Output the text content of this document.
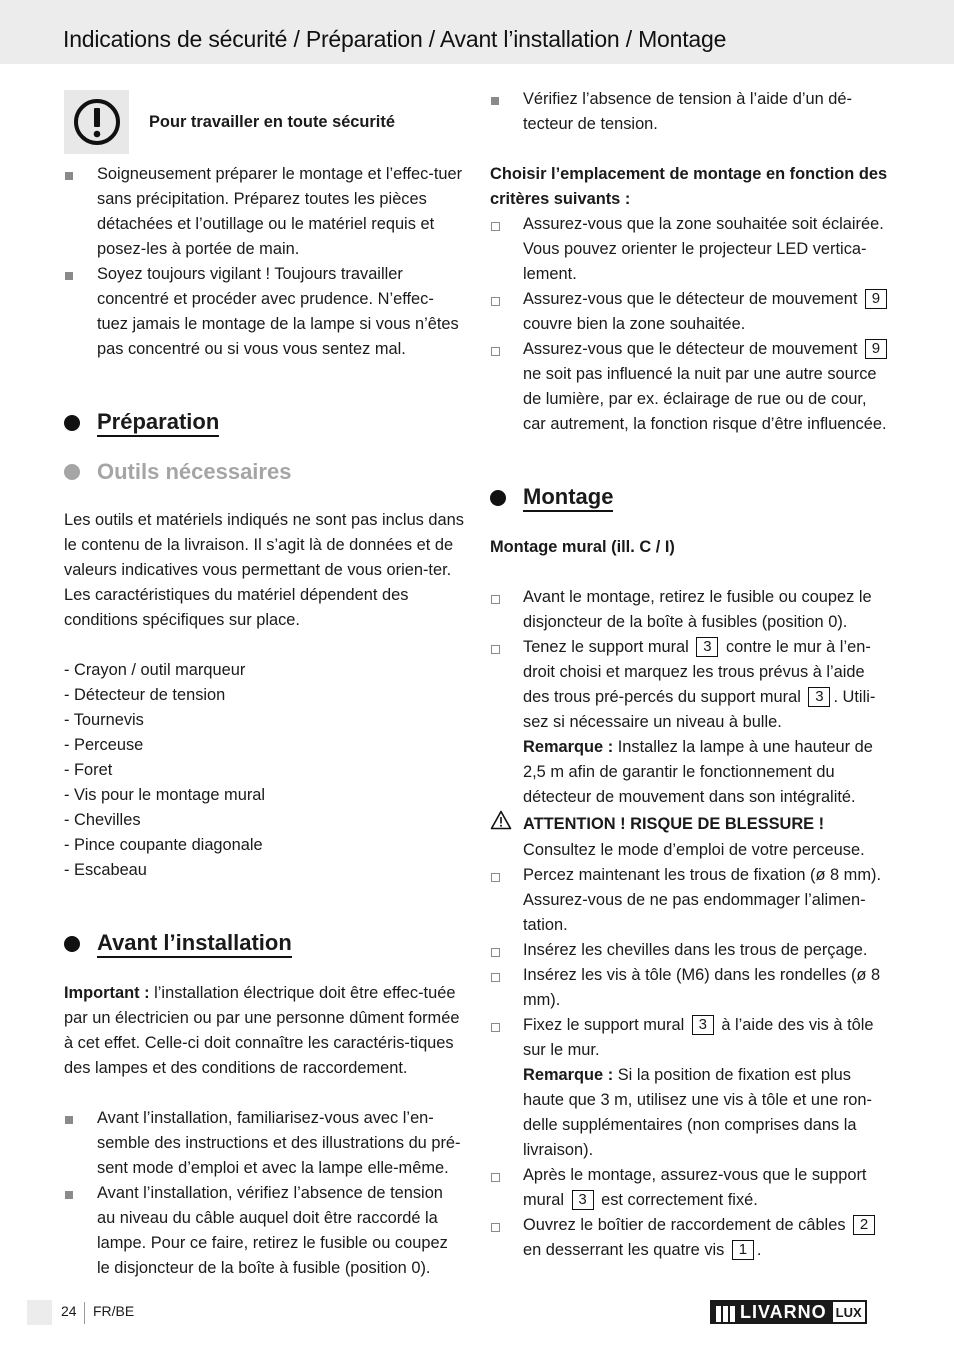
Indications de sécurité / Préparation / Avant l’installation / Montage
Pour travailler en toute sécurité
Soigneusement préparer le montage et l’effec-tuer sans précipitation. Préparez toutes les pièces détachées et l’outillage ou le matériel requis et posez-les à portée de main.
Soyez toujours vigilant ! Toujours travailler concentré et procéder avec prudence. N’effec-tuez jamais le montage de la lampe si vous n’êtes pas concentré ou si vous vous sentez mal.
Préparation
Outils nécessaires
Les outils et matériels indiqués ne sont pas inclus dans le contenu de la livraison. Il s’agit là de données et de valeurs indicatives vous permettant de vous orien-ter. Les caractéristiques du matériel dépendent des conditions spécifiques sur place.
- Crayon / outil marqueur
- Détecteur de tension
- Tournevis
- Perceuse
- Foret
- Vis pour le montage mural
- Chevilles
- Pince coupante diagonale
- Escabeau
Avant l’installation
Important : l’installation électrique doit être effec-tuée par un électricien ou par une personne dûment formée à cet effet. Celle-ci doit connaître les caractéris-tiques des lampes et des conditions de raccordement.
Avant l’installation, familiarisez-vous avec l’en-semble des instructions et des illustrations du pré-sent mode d’emploi et avec la lampe elle-même.
Avant l’installation, vérifiez l’absence de tension au niveau du câble auquel doit être raccordé la lampe. Pour ce faire, retirez le fusible ou coupez le disjoncteur de la boîte à fusible (position 0).
Vérifiez l’absence de tension à l’aide d’un dé-tecteur de tension.
Choisir l’emplacement de montage en fonction des critères suivants :
Assurez-vous que la zone souhaitée soit éclairée. Vous pouvez orienter le projecteur LED vertica-lement.
Assurez-vous que le détecteur de mouvement 9 couvre bien la zone souhaitée.
Assurez-vous que le détecteur de mouvement 9 ne soit pas influencé la nuit par une autre source de lumière, par ex. éclairage de rue ou de cour, car autrement, la fonction risque d’être influencée.
Montage
Montage mural (ill. C / I)
Avant le montage, retirez le fusible ou coupez le disjoncteur de la boîte à fusibles (position 0).
Tenez le support mural 3 contre le mur à l’en-droit choisi et marquez les trous prévus à l’aide des trous pré-percés du support mural 3 . Utili-sez si nécessaire un niveau à bulle.
Remarque : Installez la lampe à une hauteur de 2,5 m afin de garantir le fonctionnement du détecteur de mouvement dans son intégralité.
ATTENTION ! RISQUE DE BLESSURE !
Consultez le mode d’emploi de votre perceuse.
Percez maintenant les trous de fixation (ø 8 mm). Assurez-vous de ne pas endommager l’alimen-tation.
Insérez les chevilles dans les trous de perçage.
Insérez les vis à tôle (M6) dans les rondelles (ø 8 mm).
Fixez le support mural 3 à l’aide des vis à tôle sur le mur.
Remarque : Si la position de fixation est plus haute que 3 m, utilisez une vis à tôle et une ron-delle supplémentaires (non comprises dans la livraison).
Après le montage, assurez-vous que le support mural 3 est correctement fixé.
Ouvrez le boîtier de raccordement de câbles 2 en desserrant les quatre vis 1 .
24 FR/BE	LIVARNO LUX
